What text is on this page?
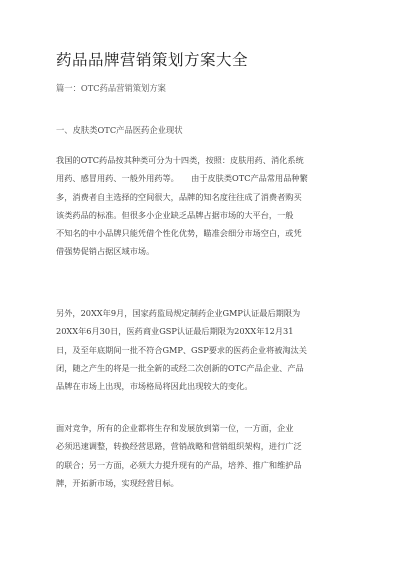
药品品牌营销策划方案大全
篇一：OTC药品营销策划方案
一、皮肤类OTC产品医药企业现状
我国的OTC药品按其种类可分为十四类，按照：皮肤用药、消化系统
用药、感冒用药、一般外用药等。　　由于皮肤类OTC产品常用品种繁
多，消费者自主选择的空间很大，品牌的知名度往往成了消费者购买
该类药品的标准。但很多小企业缺乏品牌占据市场的大平台，一般
不知名的中小品牌只能凭借个性化优势，瞄准会细分市场空白，或凭
借强势促销占据区域市场。
另外，20XX年9月，国家药监局规定制药企业GMP认证最后期限为
20XX年6月30日，医药商业GSP认证最后期限为20XX年12月31
日，及至年底期间一批不符合GMP、GSP要求的医药企业将被淘汰关
闭，随之产生的将是一批全新的或经二次创新的OTC产品企业、产品
品牌在市场上出现，市场格局将因此出现较大的变化。
面对竞争，所有的企业都将生存和发展放到第一位，一方面，企业
必须迅速调整，转换经营思路，营销战略和营销组织架构，进行广泛
的联合；另一方面，必须大力提升现有的产品，培养、推广和维护品
牌，开拓新市场，实现经营目标。
